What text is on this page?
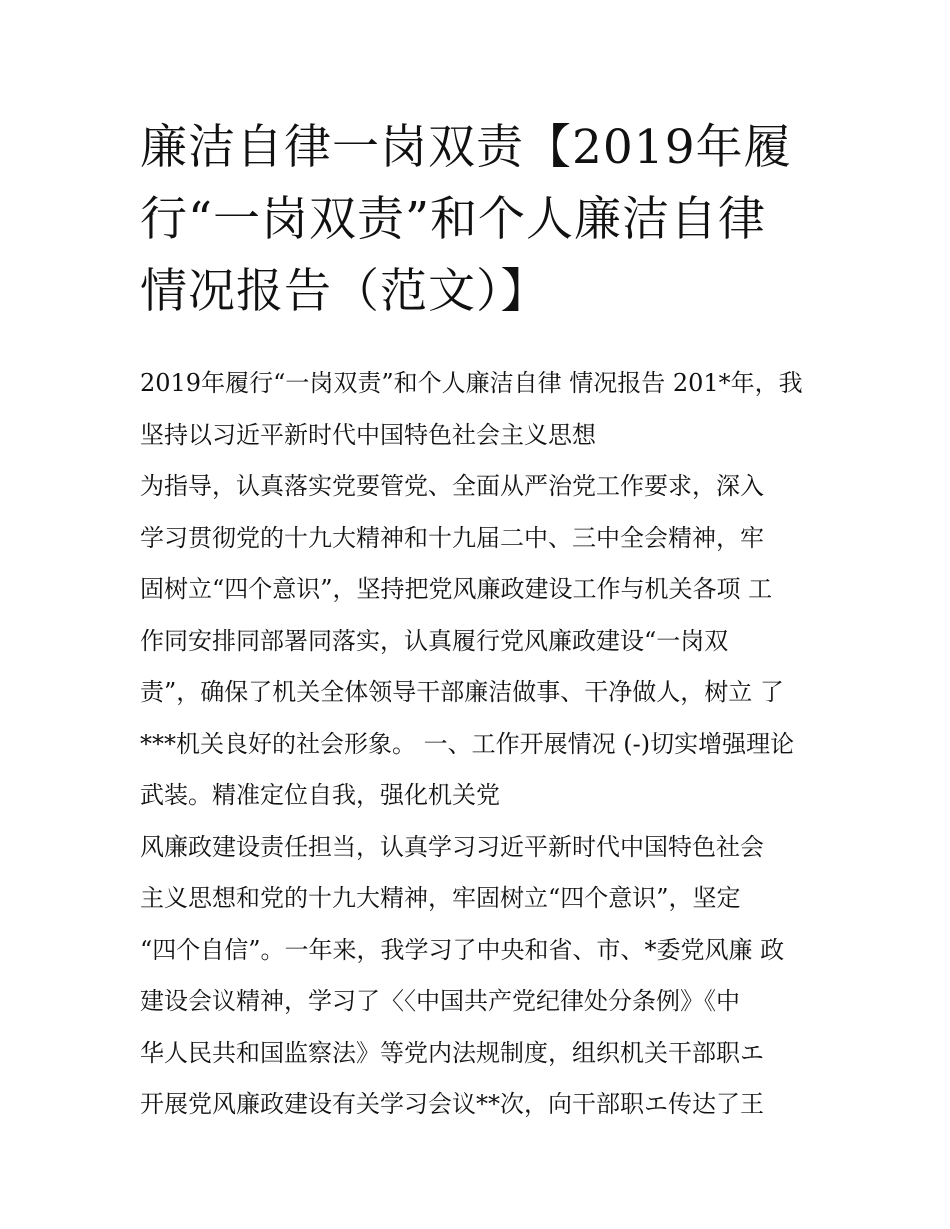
廉洁自律一岗双责【2019年履
行“一岗双责”和个人廉洁自律
情况报告（范文）】
2019年履行“一岗双责”和个人廉洁自律 情况报告 201*年，我
坚持以习近平新时代中国特色社会主义思想
为指导，认真落实党要管党、全面从严治党工作要求，深入
学习贯彻党的十九大精神和十九届二中、三中全会精神，牢
固树立“四个意识”，坚持把党风廉政建设工作与机关各项 工
作同安排同部署同落实，认真履行党风廉政建设“一岗双
责”，确保了机关全体领导干部廉洁做事、干净做人，树立 了
***机关良好的社会形象。 一、工作开展情况 (-)切实增强理论
武装。精准定位自我，强化机关党
风廉政建设责任担当，认真学习习近平新时代中国特色社会
主义思想和党的十九大精神，牢固树立“四个意识”，坚定
“四个自信”。一年来，我学习了中央和省、市、*委党风廉 政
建设会议精神，学习了〈〈中国共产党纪律处分条例》《中
华人民共和国监察法》等党内法规制度，组织机关干部职エ
开展党风廉政建设有关学习会议**次，向干部职エ传达了王
